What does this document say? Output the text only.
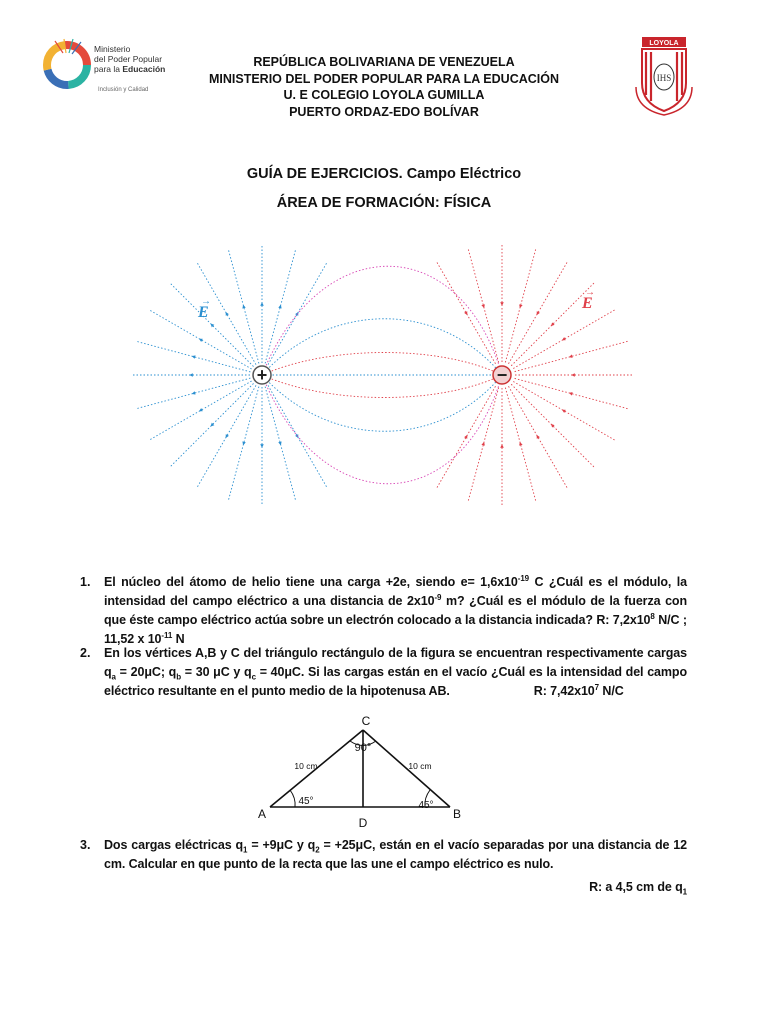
Ministerio
del Poder Popular
para la Educación
Inclusión y Calidad
LOYOLA
IHS
REPÚBLICA BOLIVARIANA DE VENEZUELA
MINISTERIO DEL PODER POPULAR PARA LA EDUCACIÓN
U. E COLEGIO LOYOLA GUMILLA
PUERTO ORDAZ-EDO BOLÍVAR
GUÍA DE EJERCICIOS. Campo Eléctrico
ÁREA DE FORMACIÓN: FÍSICA
+	−
E
→	E
→
1. El núcleo del átomo de helio tiene una carga +2e, siendo $e= 1,6x10^{-19}$ C ¿Cuál es el módulo, la intensidad del campo eléctrico a una distancia de $2x10^{-9}$ m? ¿Cuál es el módulo de la fuerza con que éste campo eléctrico actúa sobre un electrón colocado a la distancia indicada? R: $7,2x10^8$ N/C ; 11,52 x $10^{-11}$ N

2. En los vértices A,B y C del triángulo rectángulo de la figura se encuentran respectivamente cargas $q_a = 20\mu C$; $q_b = 30$ μC y $q_c = 40\mu C$. Si las cargas están en el vacío ¿Cuál es la intensidad del campo eléctrico resultante en el punto medio de la hipotenusa AB.	R: $7,42x10^7$ N/C

C
90°
A	B
D
45°	45°
10 cm	10 cm
3. Dos cargas eléctricas $q_1 = +9\mu C$ y $q_2 = +25\mu C$, están en el vacío separadas por una distancia de 12 cm. Calcular en que punto de la recta que las une el campo eléctrico es nulo.

R: a 4,5 cm de $q_1$
